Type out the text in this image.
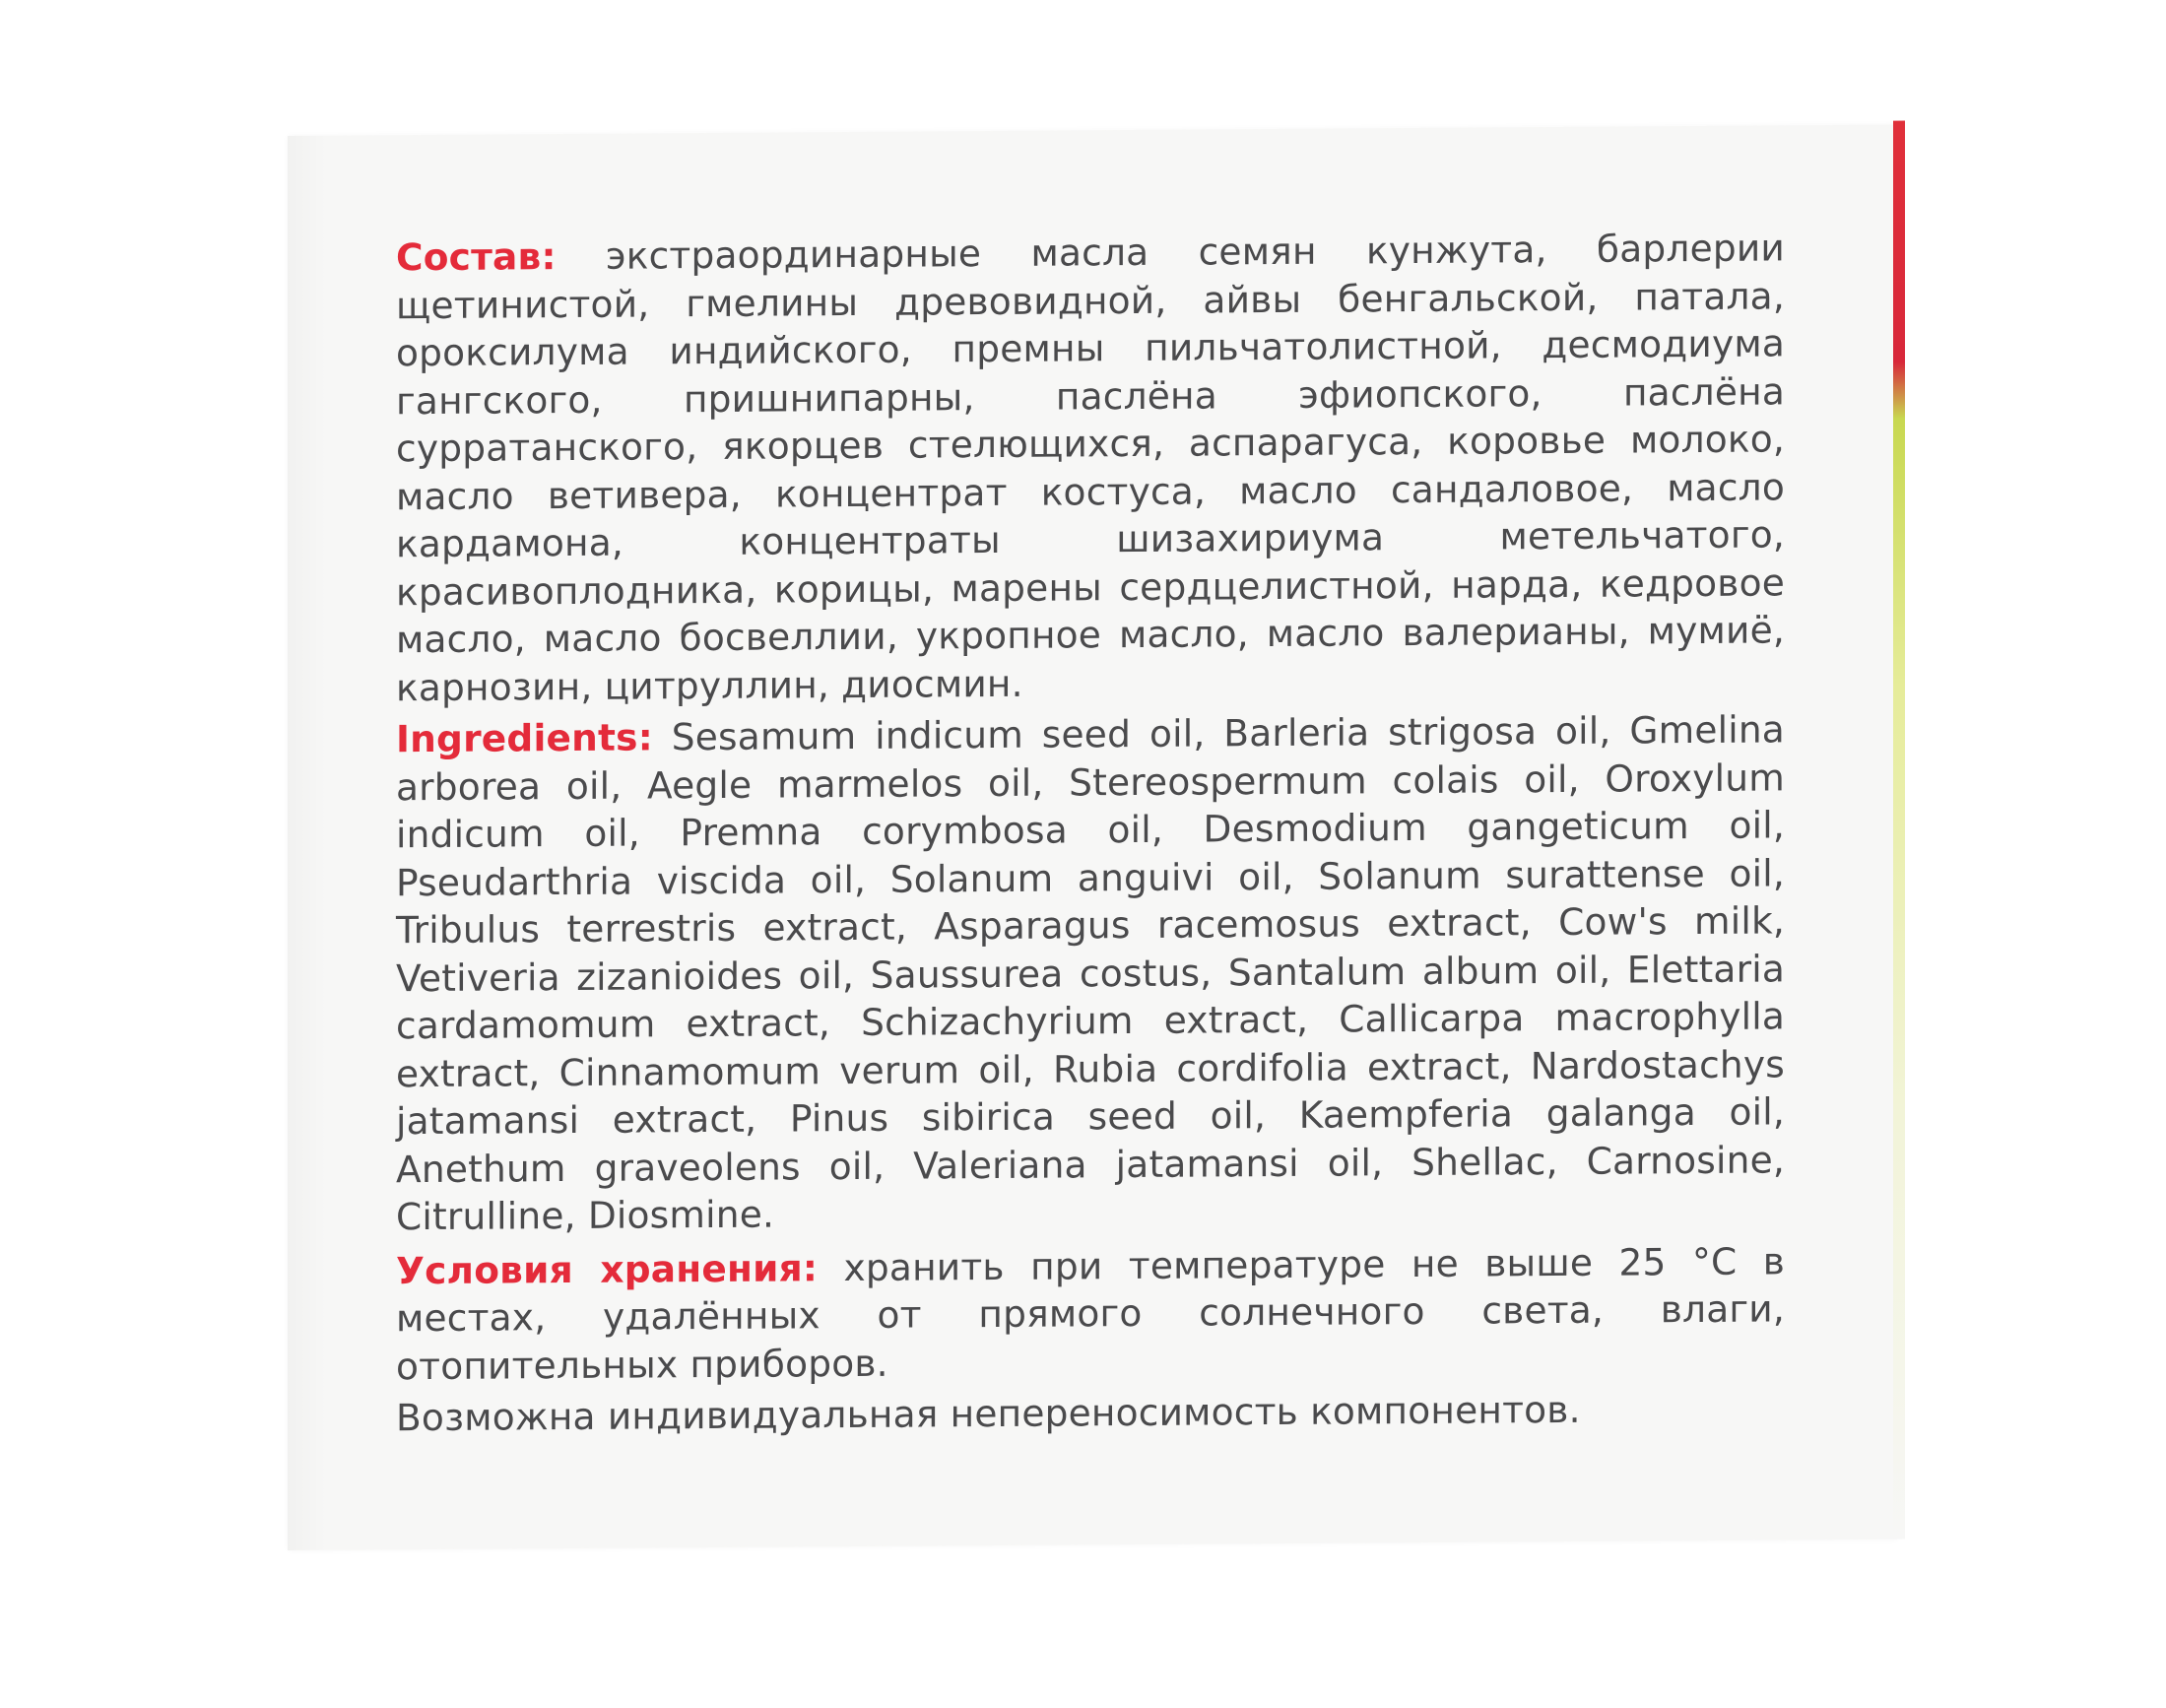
Состав: экстраординарные масла семян кунжута, барлерии щетинистой, гмелины древовидной, айвы бенгальской, патала, ороксилума индийского, премны пильчатолистной, десмодиума гангского, пришнипарны, паслёна эфиопского, паслёна сурратанского, якорцев стелющихся, аспарагуса, коровье молоко, масло ветивера, концентрат костуса, масло сандаловое, масло кардамона, концентраты шизахириума метельчатого, красивоплодника, корицы, марены сердцелистной, нарда, кедровое масло, масло босвеллии, укропное масло, масло валерианы, мумиё, карнозин, цитруллин, диосмин.

Ingredients: Sesamum indicum seed oil, Barleria strigosa oil, Gmelina arborea oil, Aegle marmelos oil, Stereospermum colais oil, Oroxylum indicum oil, Premna corymbosa oil, Desmodium gangeticum oil, Pseudarthria viscida oil, Solanum anguivi oil, Solanum surattense oil, Tribulus terrestris extract, Asparagus racemosus extract, Cow's milk, Vetiveria zizanioides oil, Saussurea costus, Santalum album oil, Elettaria cardamomum extract, Schizachyrium extract, Callicarpa macrophylla extract, Cinnamomum verum oil, Rubia cordifolia extract, Nardostachys jatamansi extract, Pinus sibirica seed oil, Kaempferia galanga oil, Anethum graveolens oil, Valeriana jatamansi oil, Shellac, Carnosine, Citrulline, Diosmine.

Условия хранения: хранить при температуре не выше 25 °С в местах, удалённых от прямого солнечного света, влаги, отопительных приборов.

Возможна индивидуальная непереносимость компонентов.
